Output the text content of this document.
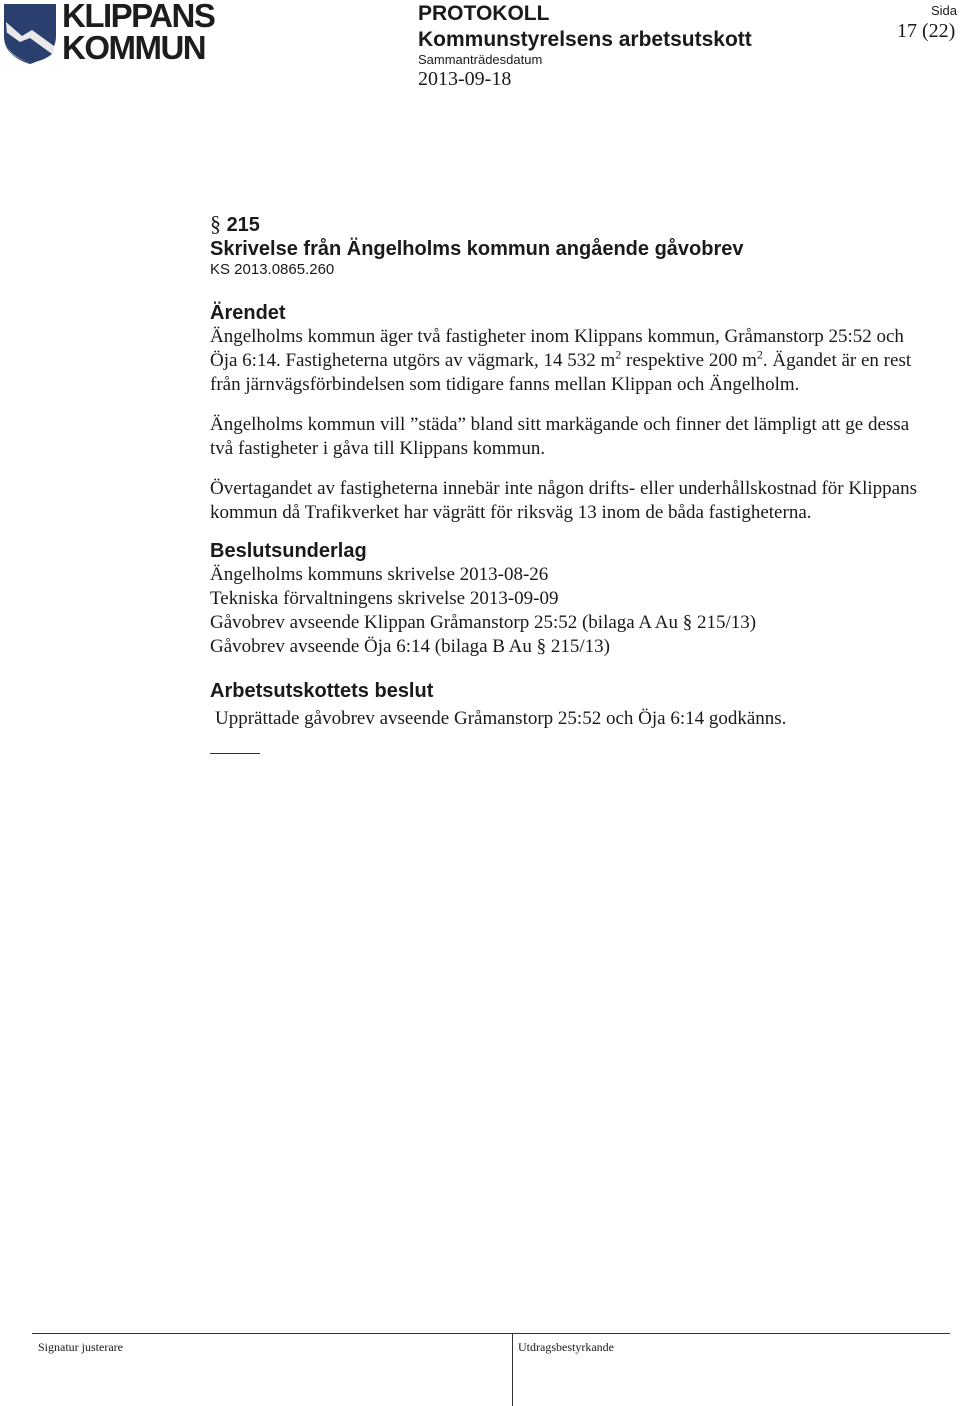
KLIPPANS
KOMMUN
PROTOKOLL
Kommunstyrelsens arbetsutskott
Sammanträdesdatum
2013-09-18
Sida
17 (22)
§ 215
Skrivelse från Ängelholms kommun angående gåvobrev
KS 2013.0865.260
Ärendet

Ängelholms kommun äger två fastigheter inom Klippans kommun, Gråmanstorp 25:52 och Öja 6:14. Fastigheterna utgörs av vägmark, 14 532 $m^2$ respektive 200 $m^2$. Ägandet är en rest från järnvägsförbindelsen som tidigare fanns mellan Klippan och Ängelholm.

Ängelholms kommun vill ”städa” bland sitt markägande och finner det lämpligt att ge dessa två fastigheter i gåva till Klippans kommun.

Övertagandet av fastigheterna innebär inte någon drifts- eller underhållskostnad för Klippans kommun då Trafikverket har vägrätt för riksväg 13 inom de båda fastigheterna.

Beslutsunderlag

Ängelholms kommuns skrivelse 2013-08-26

Tekniska förvaltningens skrivelse 2013-09-09

Gåvobrev avseende Klippan Gråmanstorp 25:52 (bilaga A Au § 215/13)

Gåvobrev avseende Öja 6:14 (bilaga B Au § 215/13)

Arbetsutskottets beslut

Upprättade gåvobrev avseende Gråmanstorp 25:52 och Öja 6:14 godkänns.

Signatur justerare	Utdragsbestyrkande
